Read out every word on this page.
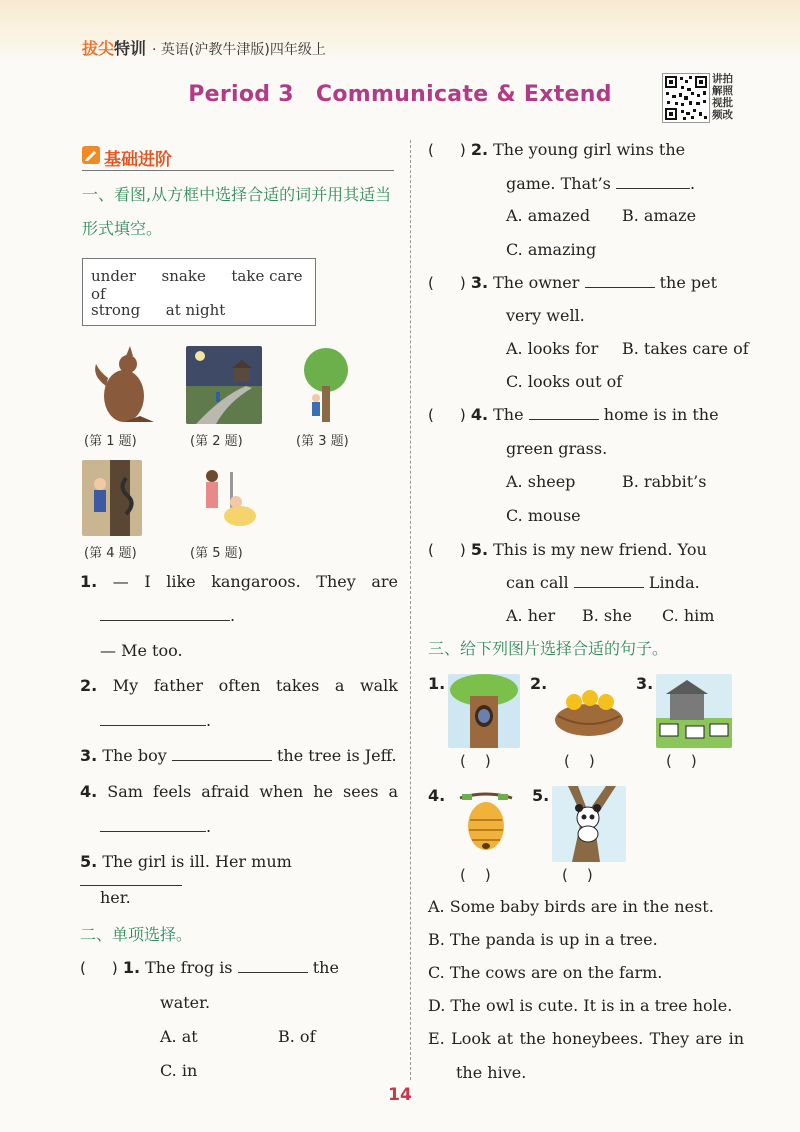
拔尖特训 · 英语(沪教牛津版)四年级上
Period 3 Communicate & Extend
讲拍 解照 视批 频改
基础进阶
一、看图,从方框中选择合适的词并用其适当形式填空。
under snake take care of
strong at night
(第 1 题)	(第 2 题)	(第 3 题)
(第 4 题)	(第 5 题)
1. — I like kangaroos. They are
.
— Me too.
2. My father often takes a walk
.
3. The boy	the tree is Jeff.
4. Sam feels afraid when he sees a
.
5. The girl is ill. Her mum
her.
二、单项选择。
( ) 1. The frog is	the
water.
A. at	B. of
C. in
( ) 2. The young girl wins the
game. That’s	.
A. amazed B. amaze
C. amazing
( ) 3. The owner	the pet
very well.
A. looks for B. takes care of
C. looks out of
( ) 4. The	home is in the
green grass.
A. sheep	B. rabbit’s
C. mouse
( ) 5. This is my new friend. You
can call	Linda.
A. her B. she C. him
三、给下列图片选择合适的句子。
1.	2.	3.
(    )	(    )	(    )
4.	5.
(    )	(    )
A. Some baby birds are in the nest.
B. The panda is up in a tree.
C. The cows are on the farm.
D. The owl is cute. It is in a tree hole.
E. Look at the honeybees. They are in
the hive.
14
